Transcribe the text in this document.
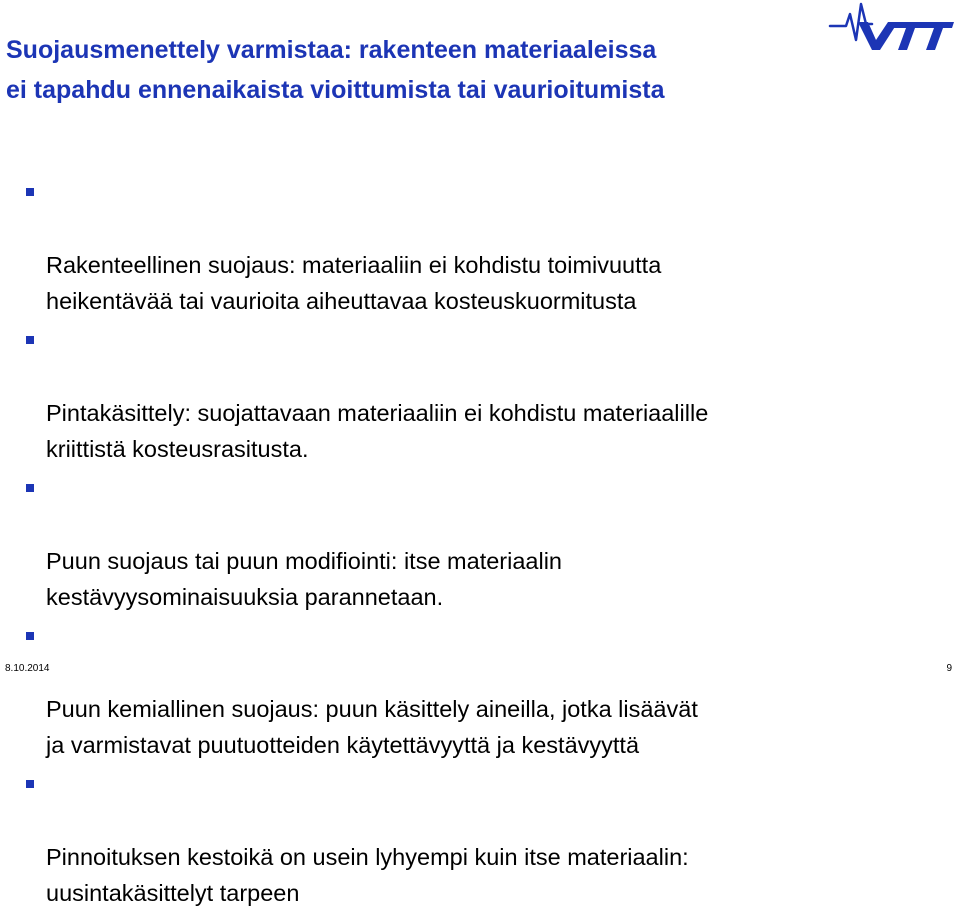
Suojausmenettely varmistaa: rakenteen materiaaleissa
ei tapahdu ennenaikaista vioittumista tai vaurioitumista

Rakenteellinen suojaus: materiaaliin ei kohdistu toimivuutta
heikentävää tai vaurioita aiheuttavaa kosteuskuormitusta

Pintakäsittely: suojattavaan materiaaliin ei kohdistu materiaalille
kriittistä kosteusrasitusta.

Puun suojaus tai puun modifiointi: itse materiaalin
kestävyysominaisuuksia parannetaan.

Puun kemiallinen suojaus: puun käsittely aineilla, jotka lisäävät
ja varmistavat puutuotteiden käytettävyyttä ja kestävyyttä

Pinnoituksen kestoikä on usein lyhyempi kuin itse materiaalin:
uusintakäsittelyt tarpeen

8.10.2014	9
